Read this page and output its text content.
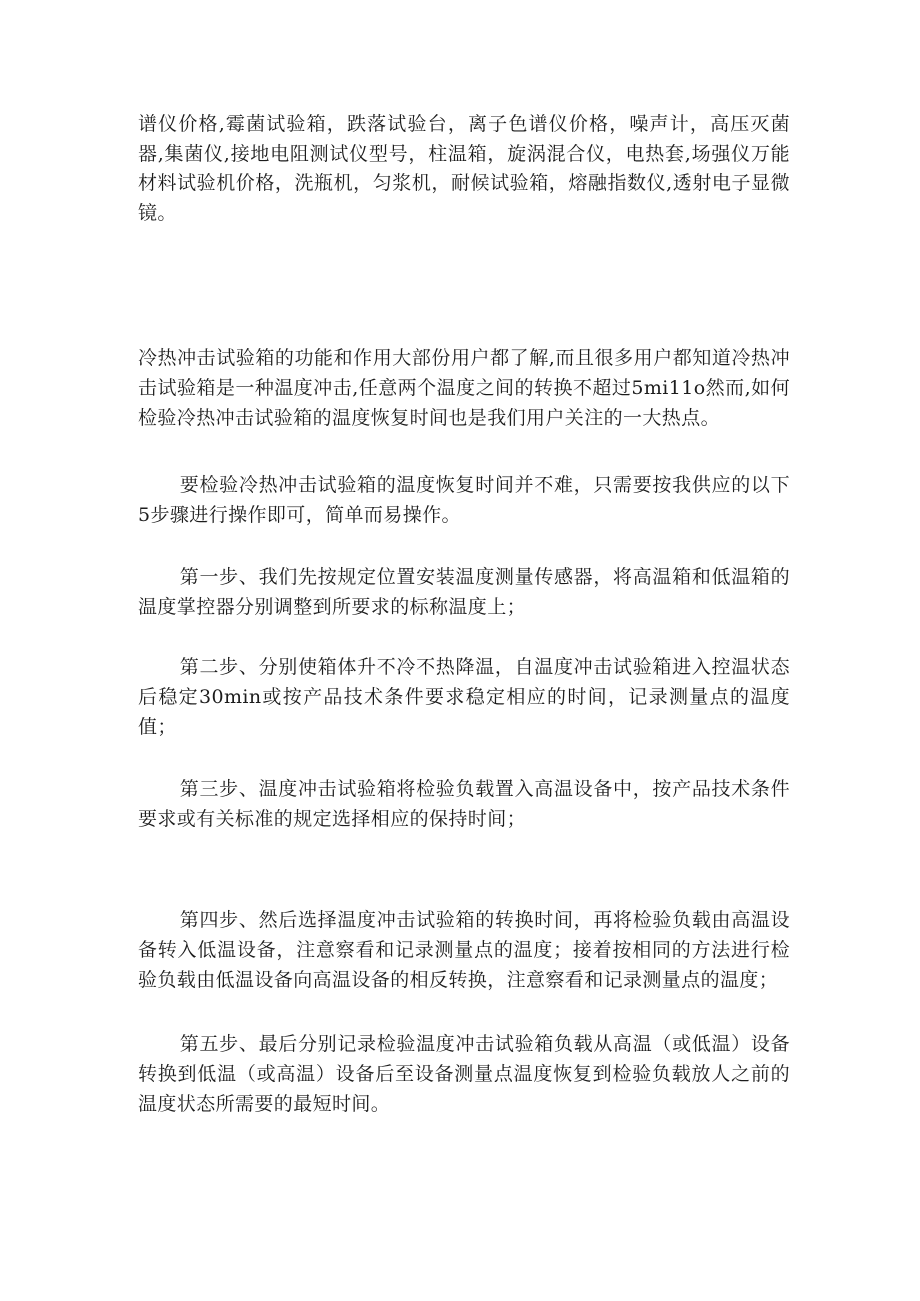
谱仪价格,霉菌试验箱，跌落试验台，离子色谱仪价格，噪声计，高压灭菌器,集菌仪,接地电阻测试仪型号，柱温箱，旋涡混合仪，电热套,场强仪万能材料试验机价格，洗瓶机，匀浆机，耐候试验箱，熔融指数仪,透射电子显微镜。

冷热冲击试验箱的功能和作用大部份用户都了解,而且很多用户都知道冷热冲击试验箱是一种温度冲击,任意两个温度之间的转换不超过5mi11o然而,如何检验冷热冲击试验箱的温度恢复时间也是我们用户关注的一大热点。

要检验冷热冲击试验箱的温度恢复时间并不难，只需要按我供应的以下5步骤进行操作即可，简单而易操作。

第一步、我们先按规定位置安装温度测量传感器，将高温箱和低温箱的温度掌控器分别调整到所要求的标称温度上；

第二步、分别使箱体升不冷不热降温，自温度冲击试验箱进入控温状态后稳定30min或按产品技术条件要求稳定相应的时间，记录测量点的温度值；

第三步、温度冲击试验箱将检验负载置入高温设备中，按产品技术条件要求或有关标准的规定选择相应的保持时间；

第四步、然后选择温度冲击试验箱的转换时间，再将检验负载由高温设备转入低温设备，注意察看和记录测量点的温度；接着按相同的方法进行检验负载由低温设备向高温设备的相反转换，注意察看和记录测量点的温度；

第五步、最后分别记录检验温度冲击试验箱负载从高温（或低温）设备转换到低温（或高温）设备后至设备测量点温度恢复到检验负载放人之前的温度状态所需要的最短时间。
